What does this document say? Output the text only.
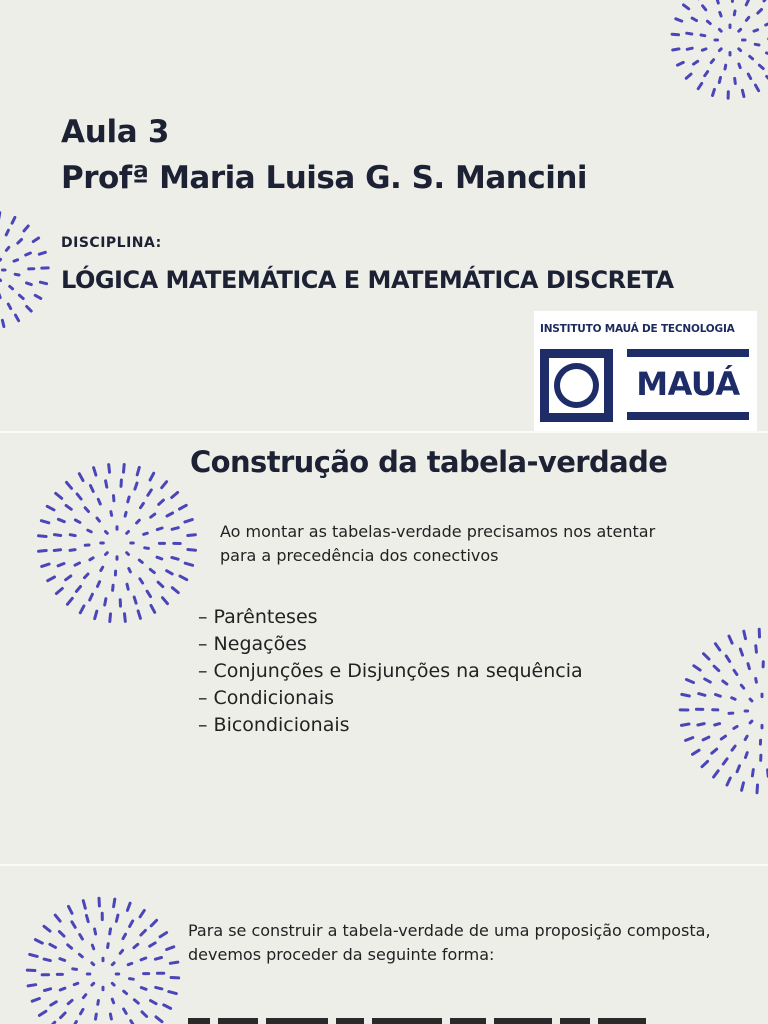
Aula 3
Profª Maria Luisa G. S. Mancini
DISCIPLINA:
LÓGICA MATEMÁTICA E MATEMÁTICA DISCRETA
INSTITUTO MAUÁ DE TECNOLOGIA
MAUÁ
Construção da tabela-verdade
Ao montar as tabelas-verdade precisamos nos atentar
para a precedência dos conectivos
– Parênteses
– Negações
– Conjunções e Disjunções na sequência
– Condicionais
– Bicondicionais
Para se construir a tabela-verdade de uma proposição composta,
devemos proceder da seguinte forma:
